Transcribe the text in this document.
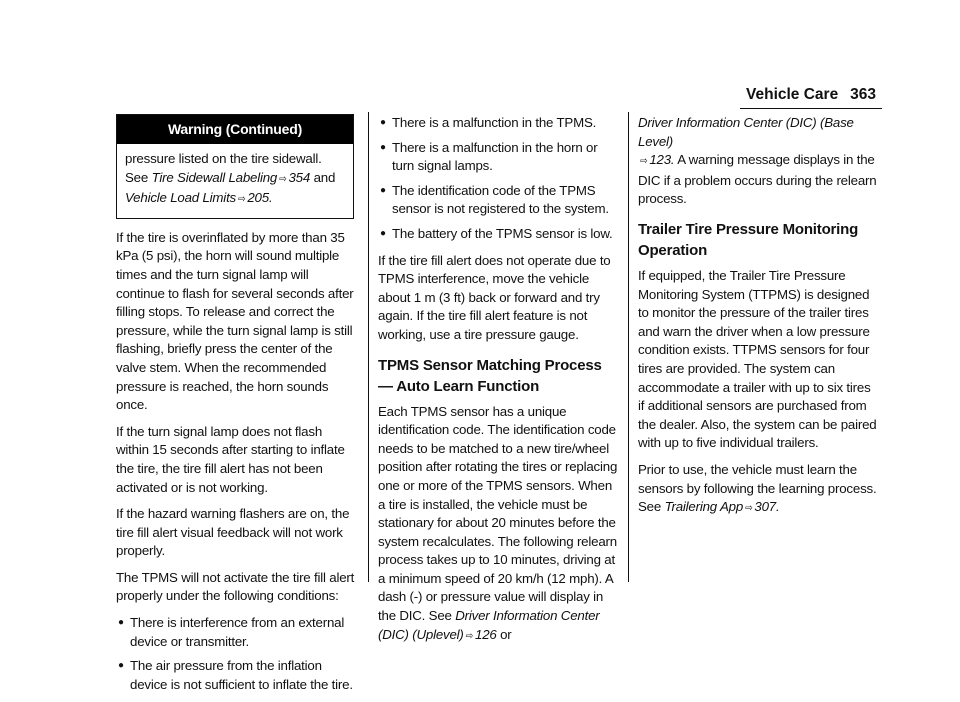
Vehicle Care 363
Warning (Continued)
pressure listed on the tire sidewall. See Tire Sidewall Labeling ⇨ 354 and Vehicle Load Limits ⇨ 205.

If the tire is overinflated by more than 35 kPa (5 psi), the horn will sound multiple times and the turn signal lamp will continue to flash for several seconds after filling stops. To release and correct the pressure, while the turn signal lamp is still flashing, briefly press the center of the valve stem. When the recommended pressure is reached, the horn sounds once.

If the turn signal lamp does not flash within 15 seconds after starting to inflate the tire, the tire fill alert has not been activated or is not working.

If the hazard warning flashers are on, the tire fill alert visual feedback will not work properly.

The TPMS will not activate the tire fill alert properly under the following conditions:

● There is interference from an external device or transmitter.
● The air pressure from the inflation device is not sufficient to inflate the tire.
● There is a malfunction in the TPMS.
● There is a malfunction in the horn or turn signal lamps.
● The identification code of the TPMS sensor is not registered to the system.
● The battery of the TPMS sensor is low.

If the tire fill alert does not operate due to TPMS interference, move the vehicle about 1 m (3 ft) back or forward and try again. If the tire fill alert feature is not working, use a tire pressure gauge.

TPMS Sensor Matching Process — Auto Learn Function

Each TPMS sensor has a unique identification code. The identification code needs to be matched to a new tire/wheel position after rotating the tires or replacing one or more of the TPMS sensors. When a tire is installed, the vehicle must be stationary for about 20 minutes before the system recalculates. The following relearn process takes up to 10 minutes, driving at a minimum speed of 20 km/h (12 mph). A dash (-) or pressure value will display in the DIC. See Driver Information Center (DIC) (Uplevel) ⇨ 126 or

Driver Information Center (DIC) (Base Level)
⇨ 123. A warning message displays in the DIC if a problem occurs during the relearn process.

Trailer Tire Pressure Monitoring Operation

If equipped, the Trailer Tire Pressure Monitoring System (TTPMS) is designed to monitor the pressure of the trailer tires and warn the driver when a low pressure condition exists. TTPMS sensors for four tires are provided. The system can accommodate a trailer with up to six tires if additional sensors are purchased from the dealer. Also, the system can be paired with up to five individual trailers.

Prior to use, the vehicle must learn the sensors by following the learning process. See Trailering App ⇨ 307.
